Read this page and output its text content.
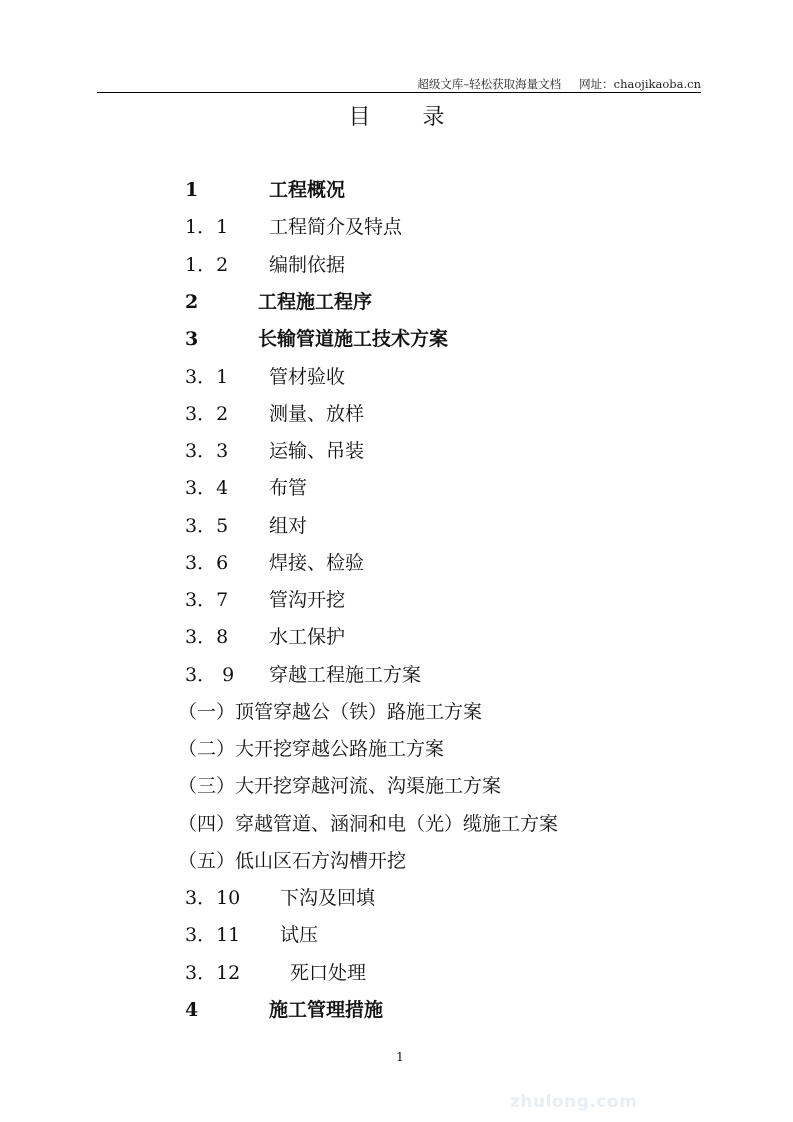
超级文库–轻松获取海量文档 网址：chaojikaoba.cn
目 录
1	工程概况
1．1 工程简介及特点
1．2 编制依据
2	工程施工程序
3	长输管道施工技术方案
3．1 管材验收
3．2 测量、放样
3．3 运输、吊装
3．4 布管
3．5 组对
3．6 焊接、检验
3．7 管沟开挖
3．8 水工保护
3． 9 穿越工程施工方案
（一）顶管穿越公（铁）路施工方案
（二）大开挖穿越公路施工方案
（三）大开挖穿越河流、沟渠施工方案
（四）穿越管道、涵洞和电（光）缆施工方案
（五）低山区石方沟槽开挖
3．10 下沟及回填
3．11 试压
3．12	死口处理
4	施工管理措施
1
zhulong.com
